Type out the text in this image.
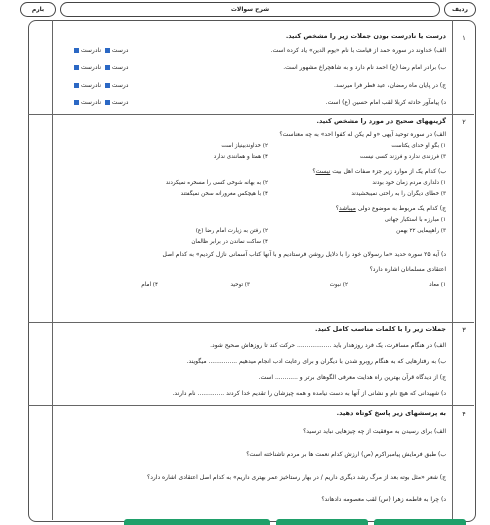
ردیف
شرح سوالات
بارم
۱
درست یا نادرست بودن جملات زیر را مشخص کنید.
الف) خداوند در سوره حمد از قیامت با نام «یوم الدین» یاد کرده است.
ب) برادر امام رضا (ع) احمد نام دارد و به شاهچراغ مشهور است.
ج) در پایان ماه رمضان، عید فطر فرا میرسد.
د) پیامآور حادثه کربلا لقب امام حسین (ع) است.
درست نادرست
درست نادرست
درست نادرست
درست نادرست
۲
گزینههای صحیح در مورد را مشخص کنید.
الف) در سوره توحید آیهی «و لم یکن له کفوا احد» به چه معناست؟
۱) بگو او خدای یکتاست
۲) خداوندبینیاز است
۳) فرزندی ندارد و فرزند کسی نیست
۴) همتا و همانندی ندارد
ب) کدام یک از موارد زیر جزء صفات اهل بیت نیست؟
۱) دلداری مردم زمان خود بودند
۲) به بهانه شوخی کسی را مسخره نمیکردند
۳) خطای دیگران را به راحتی نمیبخشیدند
۴) با هیچکس مغرورانه سخن نمیگفتند
ج) کدام یک مربوط به موضوع دولی میباشد؟
۱) مبارزه با استکبار جهانی
۲) رفتن به زیارت امام رضا (ع)	۳) راهپیمایی ۲۲ بهمن
۴) ساکت نماندن در برابر ظالمان
د) آیه ۲۵ سوره حدید «ما رسولان خود را با دلایل روشن فرستادیم و با آنها کتاب آسمانی نازل کردیم» به کدام اصل
اعتقادی مسلمانان اشاره دارد؟
۱) معاد
۲) نبوت
۳) توحید
۴) امام
۳
جملات زیر را با کلمات مناسب کامل کنید.
الف) در هنگام مسافرت، یک فرد روزهدار باید .................. حرکت کند تا روزهاش صحیح شود.
ب) به رفتارهایی که به هنگام روبرو شدن با دیگران و برای رعایت ادب انجام میدهیم ............... میگویند.
ج) از دیدگاه قرآن بهترین راه هدایت معرفی الگوهای برتر و ............ است.
د) شهیدانی که هیچ نام و نشانی از آنها به دست نیامده و همه چیزشان را تقدیم خدا کردند .............. نام دارند.
۴
به پرسشهای زیر پاسخ کوتاه دهید.
الف) برای رسیدن به موفقیت از چه چیزهایی نباید ترسید؟
ب) طبق فرمایش پیامبراکرم (ص) ارزش کدام نعمت ها بر مردم ناشناخته است؟
ج) شعر «مثل بوته بعد از مرگ رشد دیگری داریم / در بهار رستاخیز عمر بهتری داریم» به کدام اصل اعتقادی اشاره دارد؟
د) چرا به فاطمه زهرا (س) لقب معصومه دادهاند؟
